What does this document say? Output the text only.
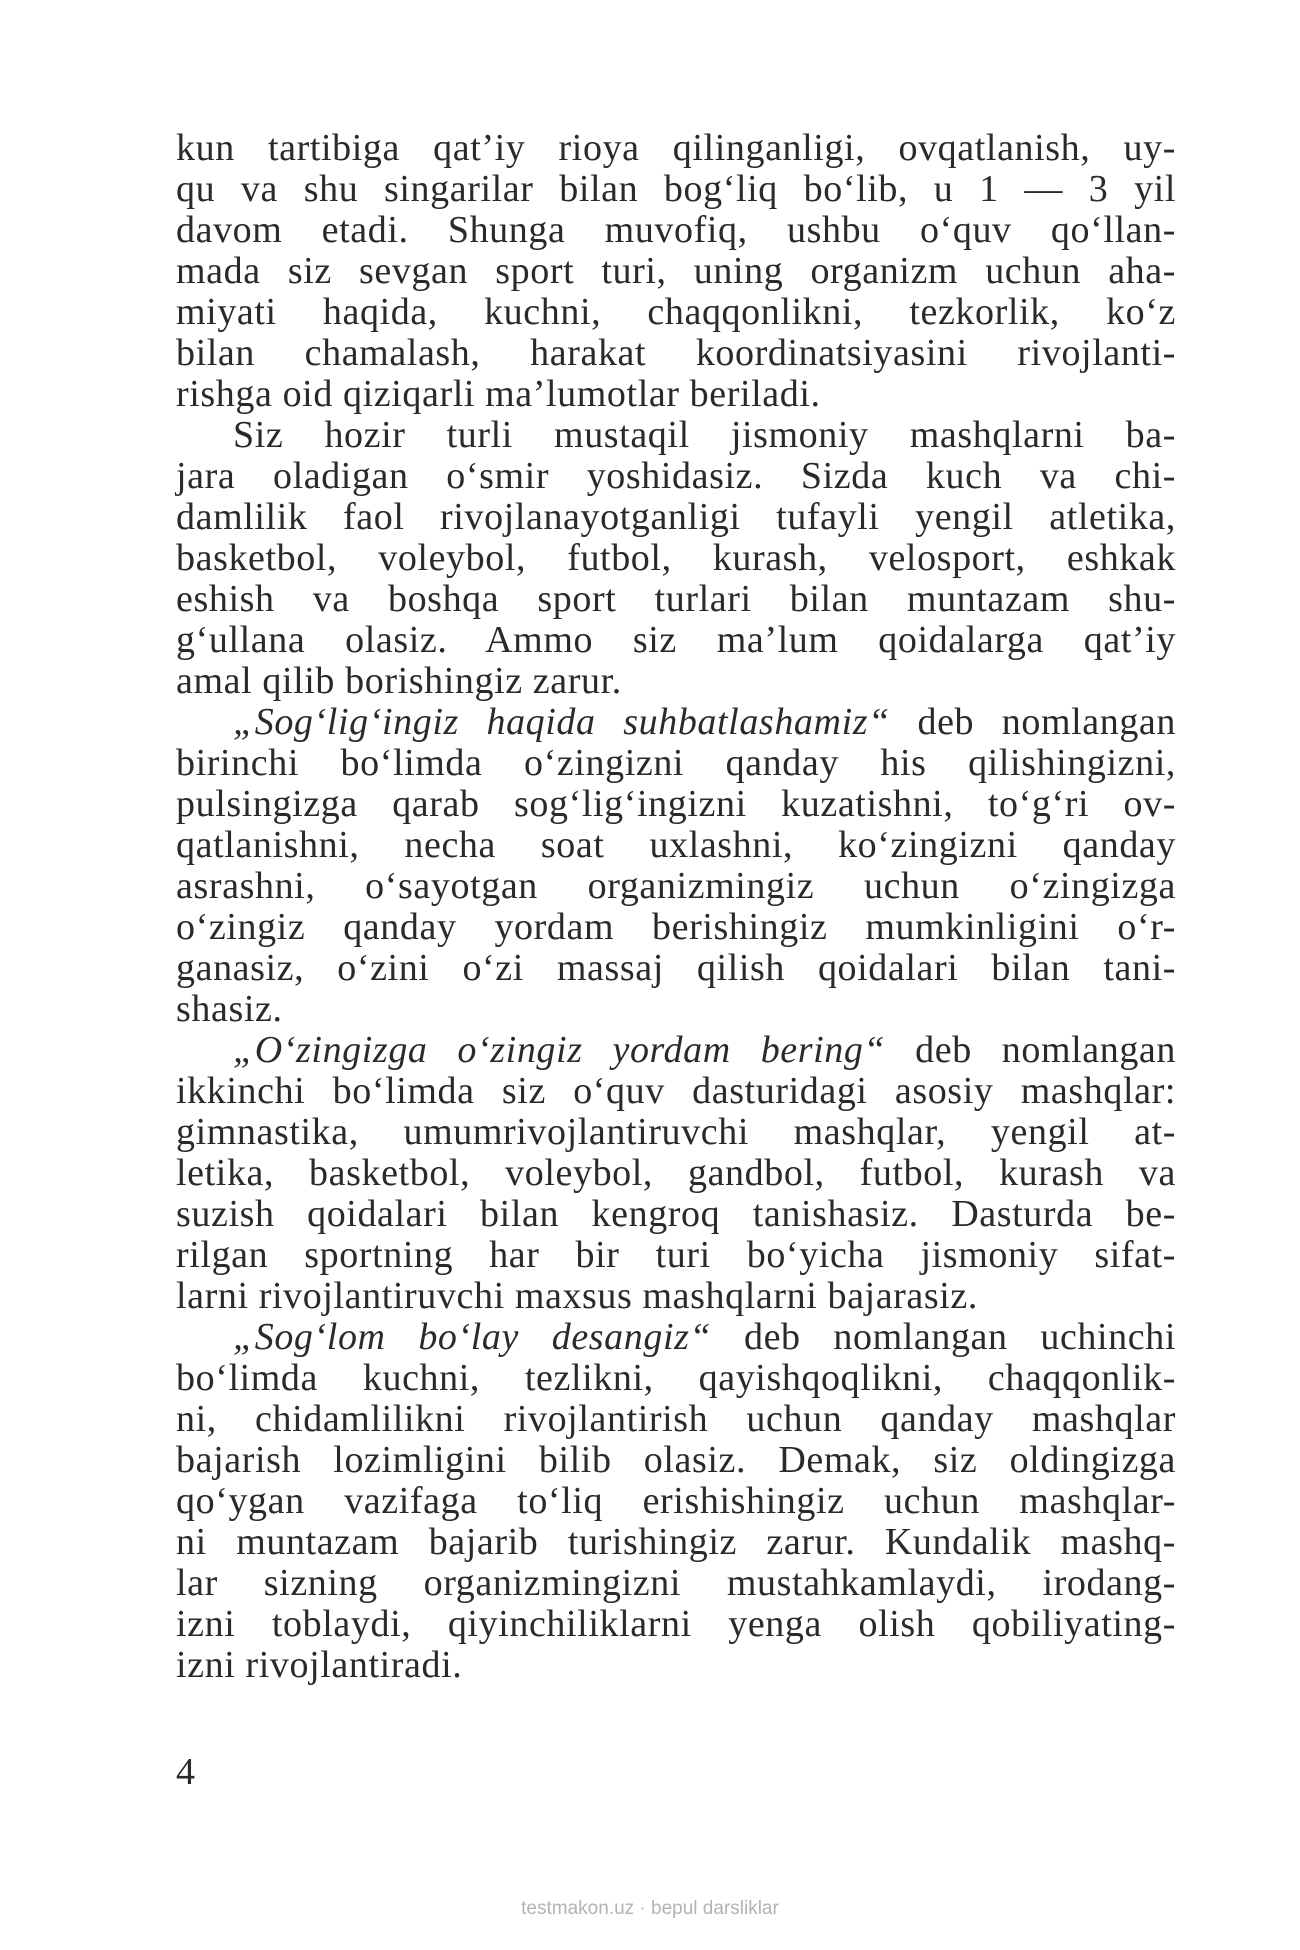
kun tartibiga qat’iy rioya qilinganligi, ovqatlanish, uy-
qu va shu singarilar bilan bog‘liq bo‘lib, u 1 — 3 yil
davom etadi. Shunga muvofiq, ushbu o‘quv qo‘llan-
mada siz sevgan sport turi, uning organizm uchun aha-
miyati haqida, kuchni, chaqqonlikni, tezkorlik, ko‘z
bilan chamalash, harakat koordinatsiyasini rivojlanti-
rishga oid qiziqarli ma’lumotlar beriladi.
Siz hozir turli mustaqil jismoniy mashqlarni ba-
jara oladigan o‘smir yoshidasiz. Sizda kuch va chi-
damlilik faol rivojlanayotganligi tufayli yengil atletika,
basketbol, voleybol, futbol, kurash, velosport, eshkak
eshish va boshqa sport turlari bilan muntazam shu-
g‘ullana olasiz. Ammo siz ma’lum qoidalarga qat’iy
amal qilib borishingiz zarur.
„Sog‘lig‘ingiz haqida suhbatlashamiz“ deb nomlangan
birinchi bo‘limda o‘zingizni qanday his qilishingizni,
pulsingizga qarab sog‘lig‘ingizni kuzatishni, to‘g‘ri ov-
qatlanishni, necha soat uxlashni, ko‘zingizni qanday
asrashni, o‘sayotgan organizmingiz uchun o‘zingizga
o‘zingiz qanday yordam berishingiz mumkinligini o‘r-
ganasiz, o‘zini o‘zi massaj qilish qoidalari bilan tani-
shasiz.
„O‘zingizga o‘zingiz yordam bering“ deb nomlangan
ikkinchi bo‘limda siz o‘quv dasturidagi asosiy mashqlar:
gimnastika, umumrivojlantiruvchi mashqlar, yengil at-
letika, basketbol, voleybol, gandbol, futbol, kurash va
suzish qoidalari bilan kengroq tanishasiz. Dasturda be-
rilgan sportning har bir turi bo‘yicha jismoniy sifat-
larni rivojlantiruvchi maxsus mashqlarni bajarasiz.
„Sog‘lom bo‘lay desangiz“ deb nomlangan uchinchi
bo‘limda kuchni, tezlikni, qayishqoqlikni, chaqqonlik-
ni, chidamlilikni rivojlantirish uchun qanday mashqlar
bajarish lozimligini bilib olasiz. Demak, siz oldingizga
qo‘ygan vazifaga to‘liq erishishingiz uchun mashqlar-
ni muntazam bajarib turishingiz zarur. Kundalik mashq-
lar sizning organizmingizni mustahkamlaydi, irodang-
izni toblaydi, qiyinchiliklarni yenga olish qobiliyating-
izni rivojlantiradi.
4
testmakon.uz · bepul darsliklar
